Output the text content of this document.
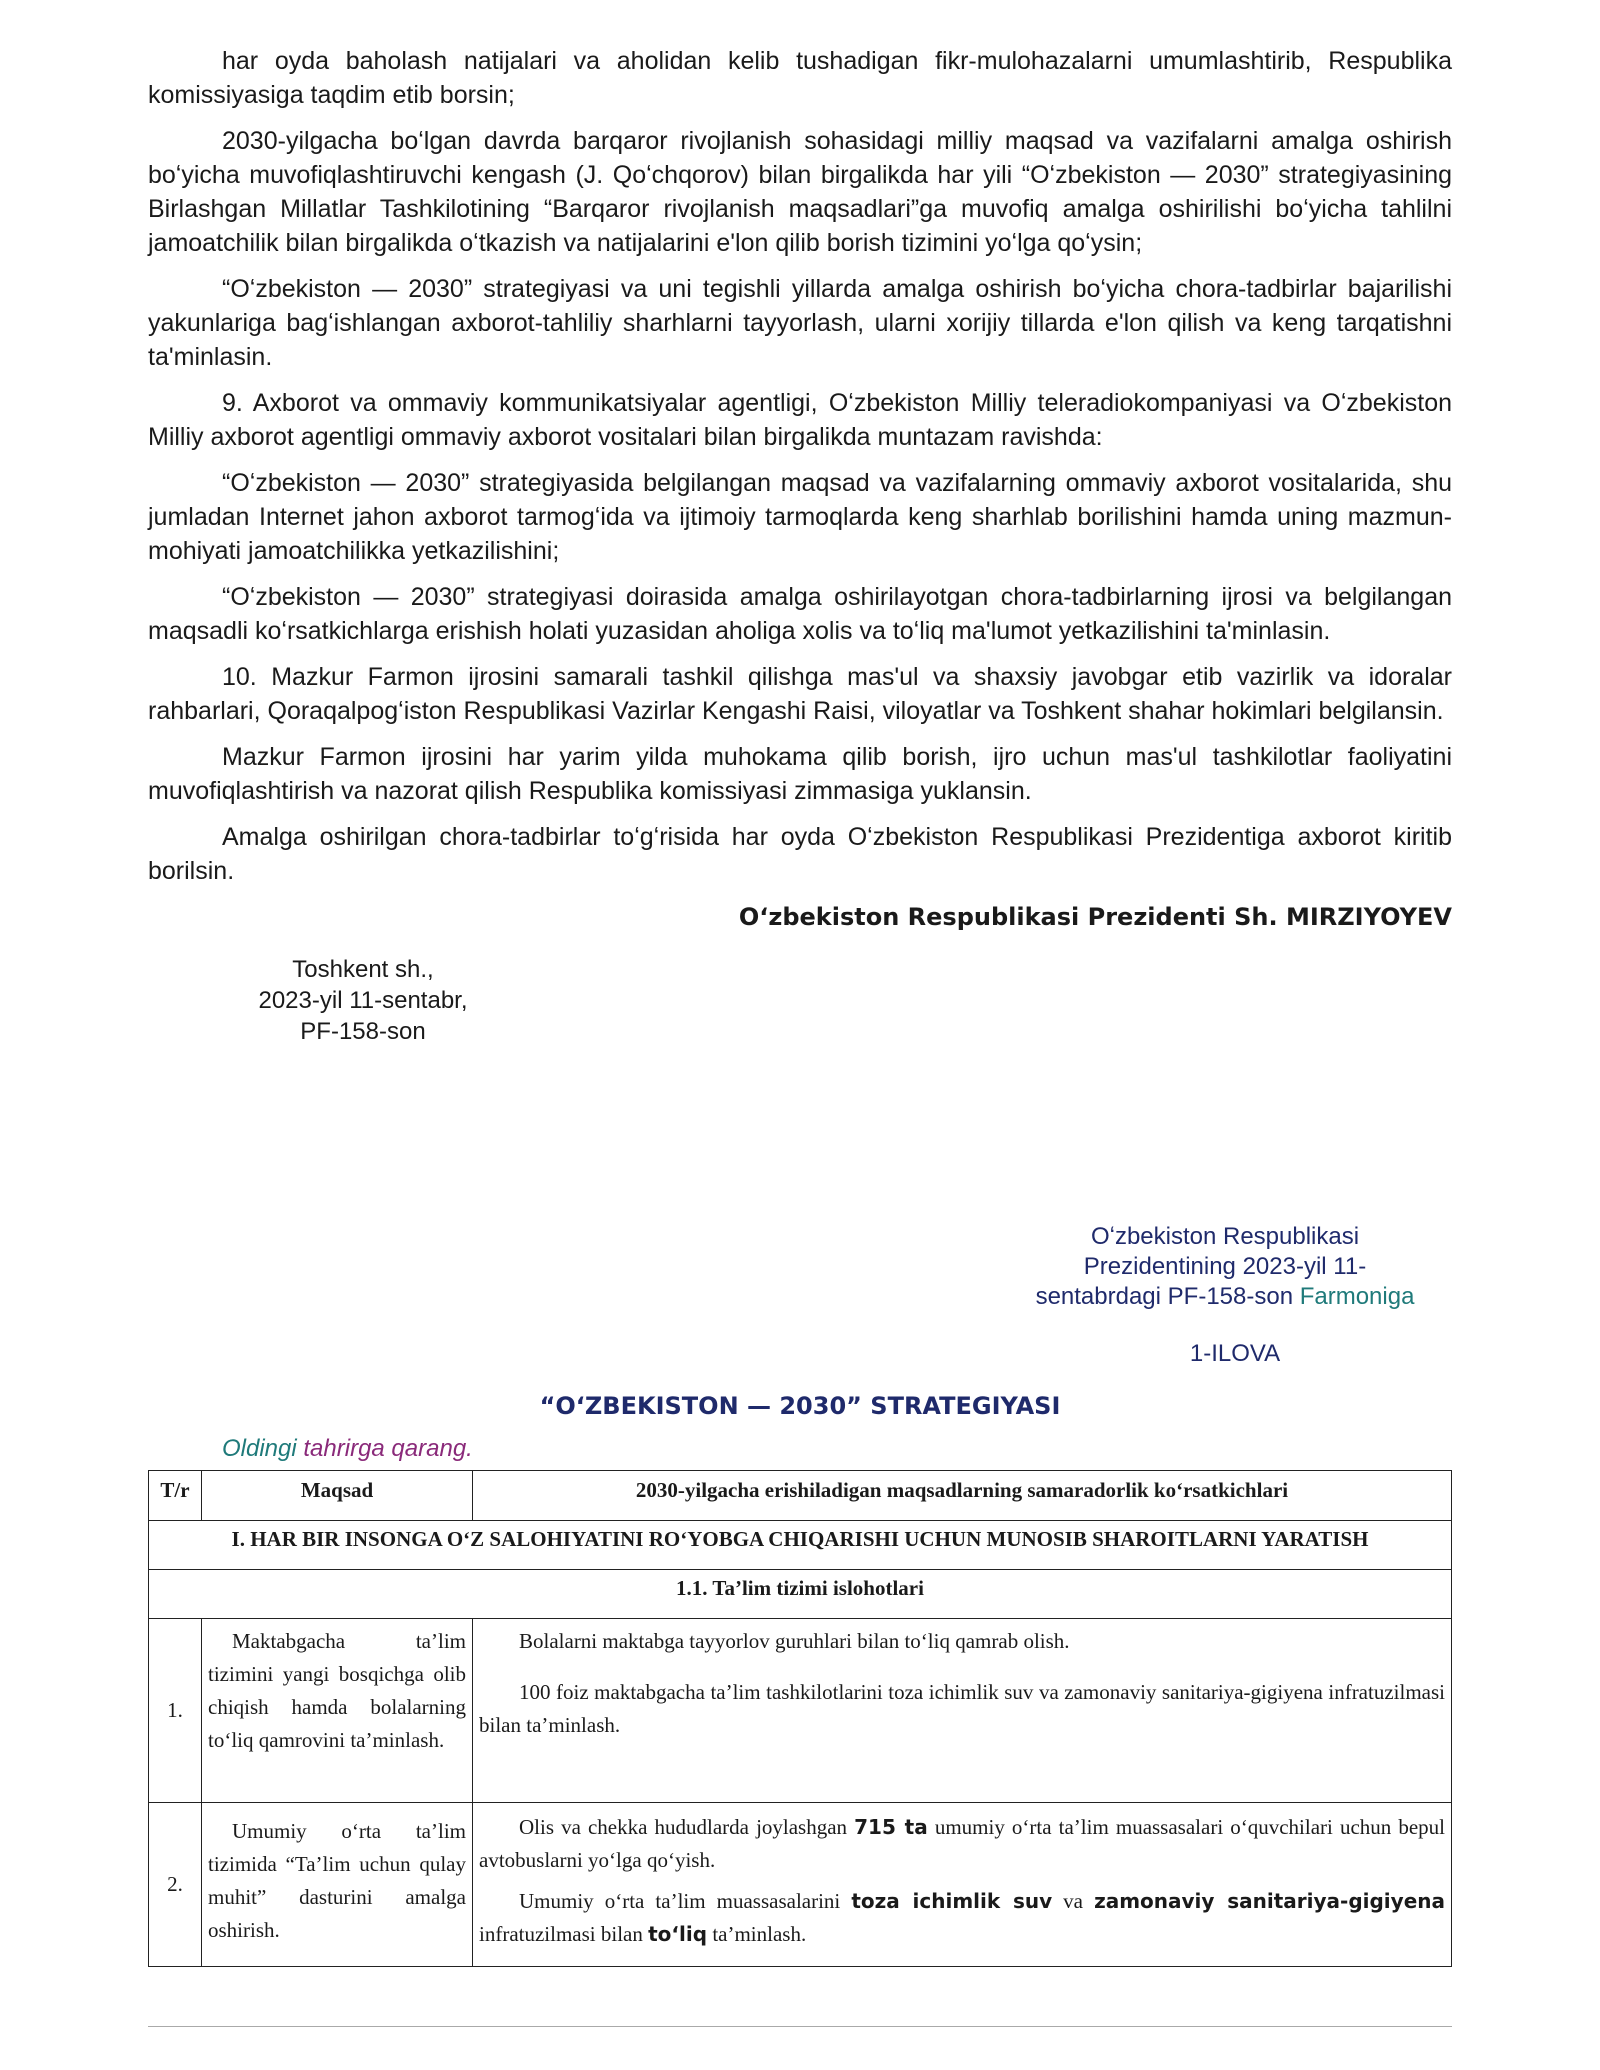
har oyda baholash natijalari va aholidan kelib tushadigan fikr-mulohazalarni umumlashtirib, Respublika komissiyasiga taqdim etib borsin;

2030-yilgacha boʻlgan davrda barqaror rivojlanish sohasidagi milliy maqsad va vazifalarni amalga oshirish boʻyicha muvofiqlashtiruvchi kengash (J. Qoʻchqorov) bilan birgalikda har yili “Oʻzbekiston — 2030” strategiyasining Birlashgan Millatlar Tashkilotining “Barqaror rivojlanish maqsadlari”ga muvofiq amalga oshirilishi boʻyicha tahlilni jamoatchilik bilan birgalikda oʻtkazish va natijalarini e'lon qilib borish tizimini yoʻlga qoʻysin;

“Oʻzbekiston — 2030” strategiyasi va uni tegishli yillarda amalga oshirish boʻyicha chora-tadbirlar bajarilishi yakunlariga bagʻishlangan axborot-tahliliy sharhlarni tayyorlash, ularni xorijiy tillarda e'lon qilish va keng tarqatishni ta'minlasin.

9. Axborot va ommaviy kommunikatsiyalar agentligi, Oʻzbekiston Milliy teleradiokompaniyasi va Oʻzbekiston Milliy axborot agentligi ommaviy axborot vositalari bilan birgalikda muntazam ravishda:

“Oʻzbekiston — 2030” strategiyasida belgilangan maqsad va vazifalarning ommaviy axborot vositalarida, shu jumladan Internet jahon axborot tarmogʻida va ijtimoiy tarmoqlarda keng sharhlab borilishini hamda uning mazmun-mohiyati jamoatchilikka yetkazilishini;

“Oʻzbekiston — 2030” strategiyasi doirasida amalga oshirilayotgan chora-tadbirlarning ijrosi va belgilangan maqsadli koʻrsatkichlarga erishish holati yuzasidan aholiga xolis va toʻliq ma'lumot yetkazilishini ta'minlasin.

10. Mazkur Farmon ijrosini samarali tashkil qilishga mas'ul va shaxsiy javobgar etib vazirlik va idoralar rahbarlari, Qoraqalpogʻiston Respublikasi Vazirlar Kengashi Raisi, viloyatlar va Toshkent shahar hokimlari belgilansin.

Mazkur Farmon ijrosini har yarim yilda muhokama qilib borish, ijro uchun mas'ul tashkilotlar faoliyatini muvofiqlashtirish va nazorat qilish Respublika komissiyasi zimmasiga yuklansin.

Amalga oshirilgan chora-tadbirlar toʻgʻrisida har oyda Oʻzbekiston Respublikasi Prezidentiga axborot kiritib borilsin.

Oʻzbekiston Respublikasi Prezidenti Sh. MIRZIYOYEV

Toshkent sh.,
2023-yil 11-sentabr,
PF-158-son
Oʻzbekiston Respublikasi
Prezidentining 2023-yil 11-
sentabrdagi PF-158-son Farmoniga
1-ILOVA
“OʻZBEKISTON — 2030” STRATEGIYASI
Oldingi tahrirga qarang.
T/r	Maqsad	2030-yilgacha erishiladigan maqsadlarning samaradorlik koʻrsatkichlari
I. HAR BIR INSONGA OʻZ SALOHIYATINI ROʻYOBGA CHIQARISHI UCHUN MUNOSIB SHAROITLARNI YARATISH		
1.1. Ta’lim tizimi islohotlari		
1.	Maktabgacha ta’lim tizimini yangi bosqichga olib chiqish hamda bolalarning toʻliq qamrovini ta’minlash.	Bolalarni maktabga tayyorlov guruhlari bilan toʻliq qamrab olish.

100 foiz maktabgacha ta’lim tashkilotlarini toza ichimlik suv va zamonaviy sanitariya-gigiyena infratuzilmasi bilan ta’minlash.

2.	Umumiy oʻrta ta’lim tizimida “Ta’lim uchun qulay muhit” dasturini amalga oshirish.	Olis va chekka hududlarda joylashgan 715 ta umumiy oʻrta ta’lim muassasalari oʻquvchilari uchun bepul avtobuslarni yoʻlga qoʻyish.

Umumiy oʻrta ta’lim muassasalarini toza ichimlik suv va zamonaviy sanitariya-gigiyena infratuzilmasi bilan toʻliq ta’minlash.
